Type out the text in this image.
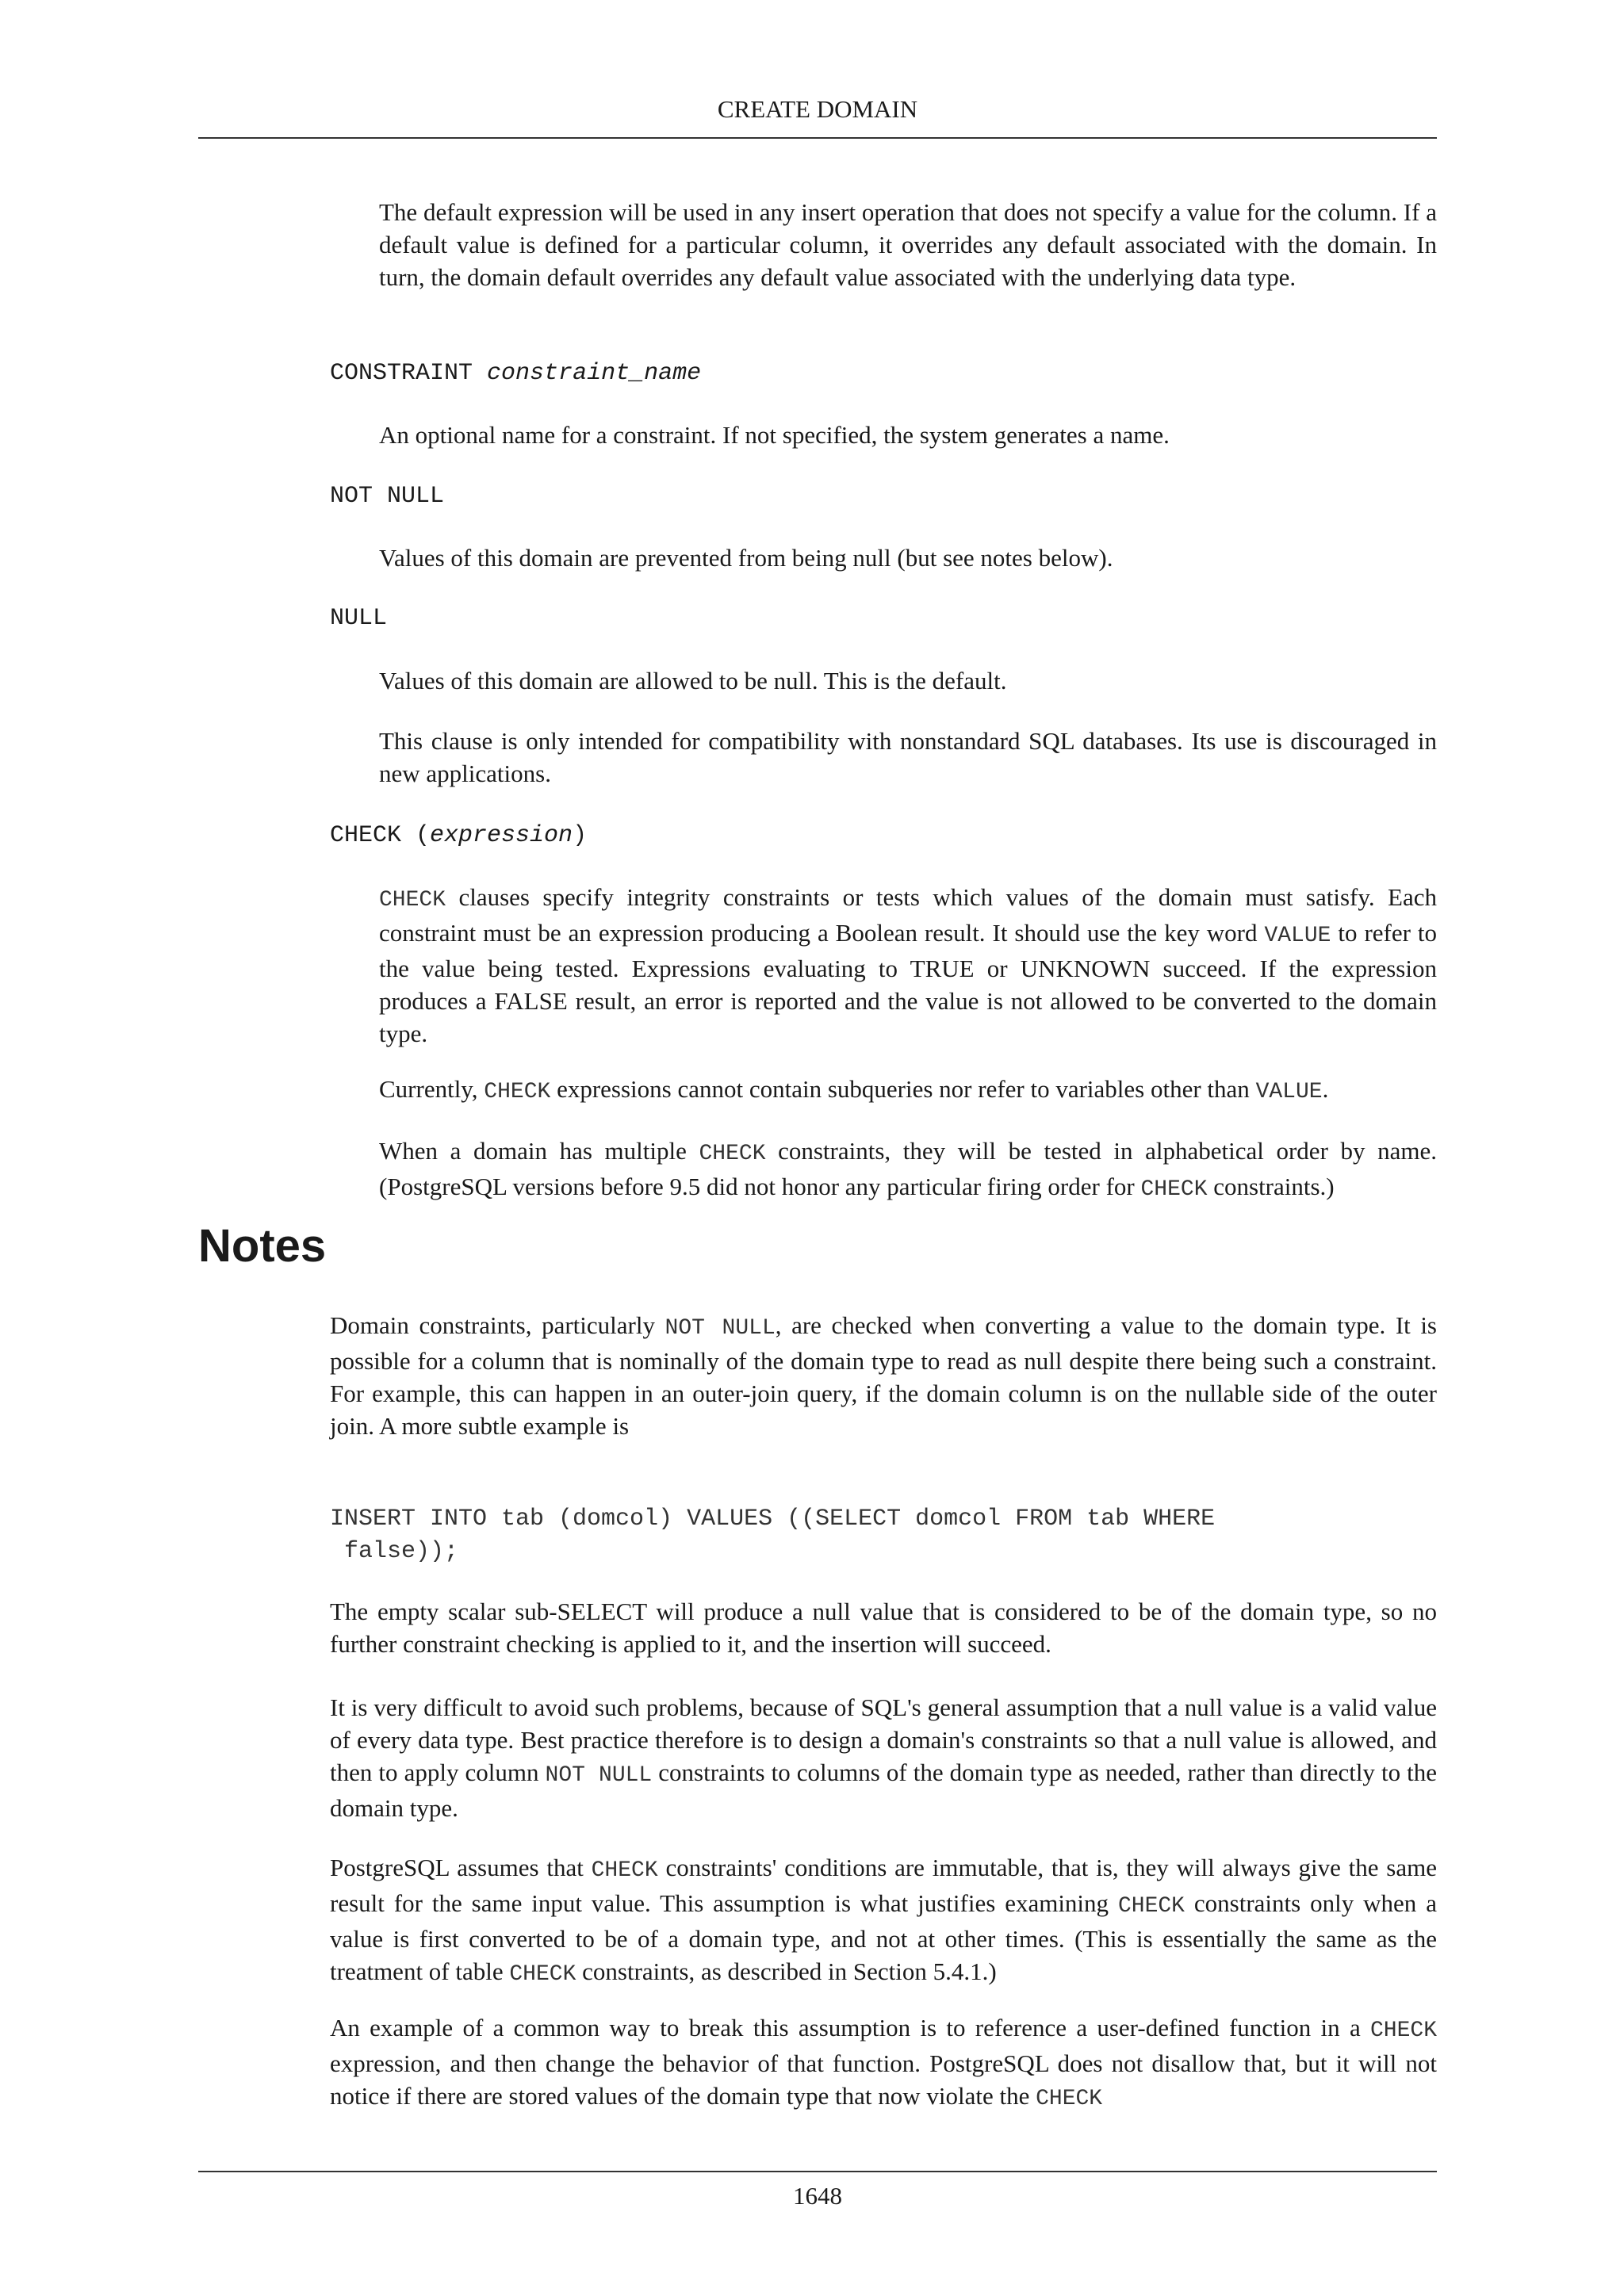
CREATE DOMAIN

The default expression will be used in any insert operation that does not specify a value for the column. If a default value is defined for a particular column, it overrides any default associated with the domain. In turn, the domain default overrides any default value associated with the underlying data type.

CONSTRAINT constraint_name

An optional name for a constraint. If not specified, the system generates a name.

NOT NULL

Values of this domain are prevented from being null (but see notes below).

NULL

Values of this domain are allowed to be null. This is the default.

This clause is only intended for compatibility with nonstandard SQL databases. Its use is discouraged in new applications.

CHECK (expression)

CHECK clauses specify integrity constraints or tests which values of the domain must satisfy. Each constraint must be an expression producing a Boolean result. It should use the key word VALUE to refer to the value being tested. Expressions evaluating to TRUE or UNKNOWN succeed. If the expression produces a FALSE result, an error is reported and the value is not allowed to be converted to the domain type.

Currently, CHECK expressions cannot contain subqueries nor refer to variables other than VALUE.

When a domain has multiple CHECK constraints, they will be tested in alphabetical order by name. (PostgreSQL versions before 9.5 did not honor any particular firing order for CHECK constraints.)

Notes

Domain constraints, particularly NOT NULL, are checked when converting a value to the domain type. It is possible for a column that is nominally of the domain type to read as null despite there being such a constraint. For example, this can happen in an outer-join query, if the domain column is on the nullable side of the outer join. A more subtle example is

INSERT INTO tab (domcol) VALUES ((SELECT domcol FROM tab WHERE
false));

The empty scalar sub-SELECT will produce a null value that is considered to be of the domain type, so no further constraint checking is applied to it, and the insertion will succeed.

It is very difficult to avoid such problems, because of SQL's general assumption that a null value is a valid value of every data type. Best practice therefore is to design a domain's constraints so that a null value is allowed, and then to apply column NOT NULL constraints to columns of the domain type as needed, rather than directly to the domain type.

PostgreSQL assumes that CHECK constraints' conditions are immutable, that is, they will always give the same result for the same input value. This assumption is what justifies examining CHECK constraints only when a value is first converted to be of a domain type, and not at other times. (This is essentially the same as the treatment of table CHECK constraints, as described in Section 5.4.1.)

An example of a common way to break this assumption is to reference a user-defined function in a CHECK expression, and then change the behavior of that function. PostgreSQL does not disallow that, but it will not notice if there are stored values of the domain type that now violate the CHECK

1648
